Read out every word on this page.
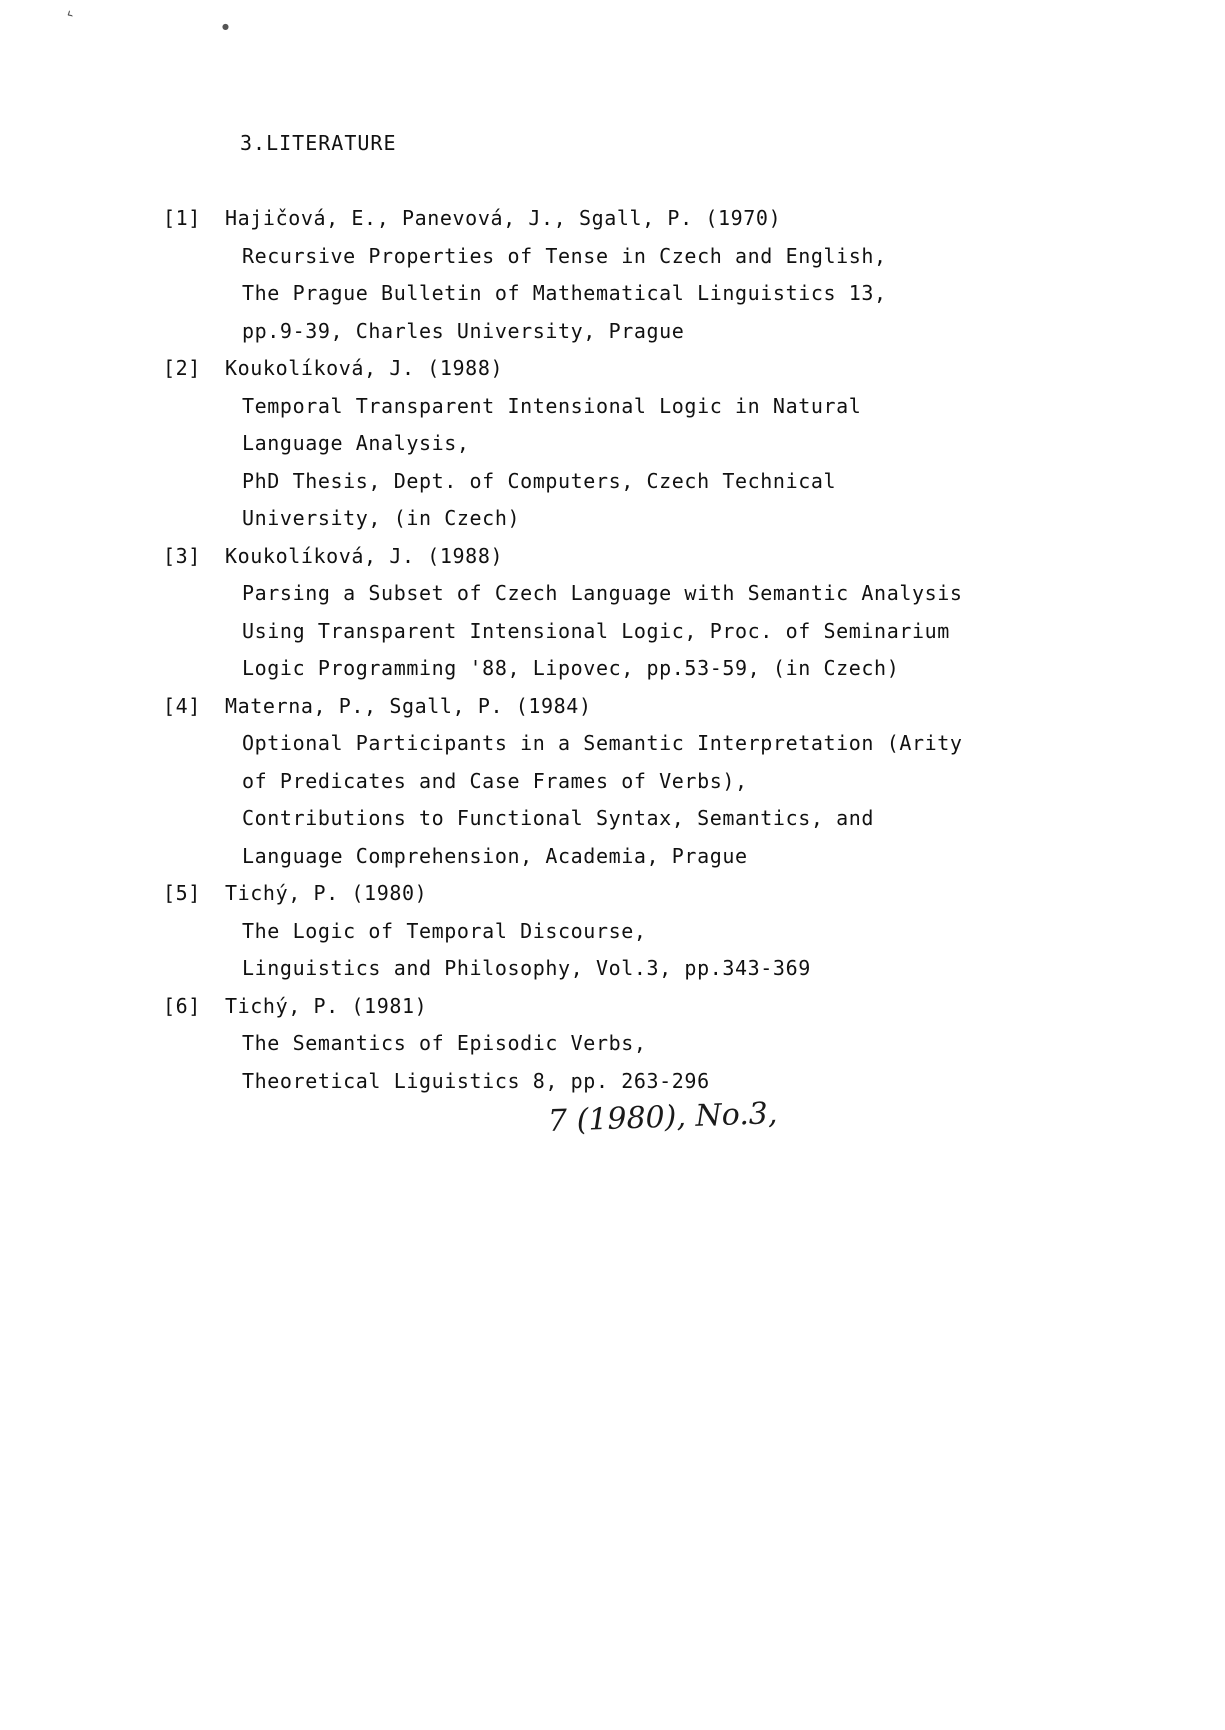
‹
●
3.LITERATURE
[1]	Hajičová, E., Panevová, J., Sgall, P. (1970)
Recursive Properties of Tense in Czech and English,
The Prague Bulletin of Mathematical Linguistics 13,
pp.9-39, Charles University, Prague
[2]	Koukolíková, J. (1988)
Temporal Transparent Intensional Logic in Natural
Language Analysis,
PhD Thesis, Dept. of Computers, Czech Technical
University, (in Czech)
[3]	Koukolíková, J. (1988)
Parsing a Subset of Czech Language with Semantic Analysis
Using Transparent Intensional Logic, Proc. of Seminarium
Logic Programming '88, Lipovec, pp.53-59, (in Czech)
[4]	Materna, P., Sgall, P. (1984)
Optional Participants in a Semantic Interpretation (Arity
of Predicates and Case Frames of Verbs),
Contributions to Functional Syntax, Semantics, and
Language Comprehension, Academia, Prague
[5]	Tichý, P. (1980)
The Logic of Temporal Discourse,
Linguistics and Philosophy, Vol.3, pp.343-369
[6]	Tichý, P. (1981)
The Semantics of Episodic Verbs,
Theoretical Liguistics 8, pp. 263-296
7 (1980), No.3,
